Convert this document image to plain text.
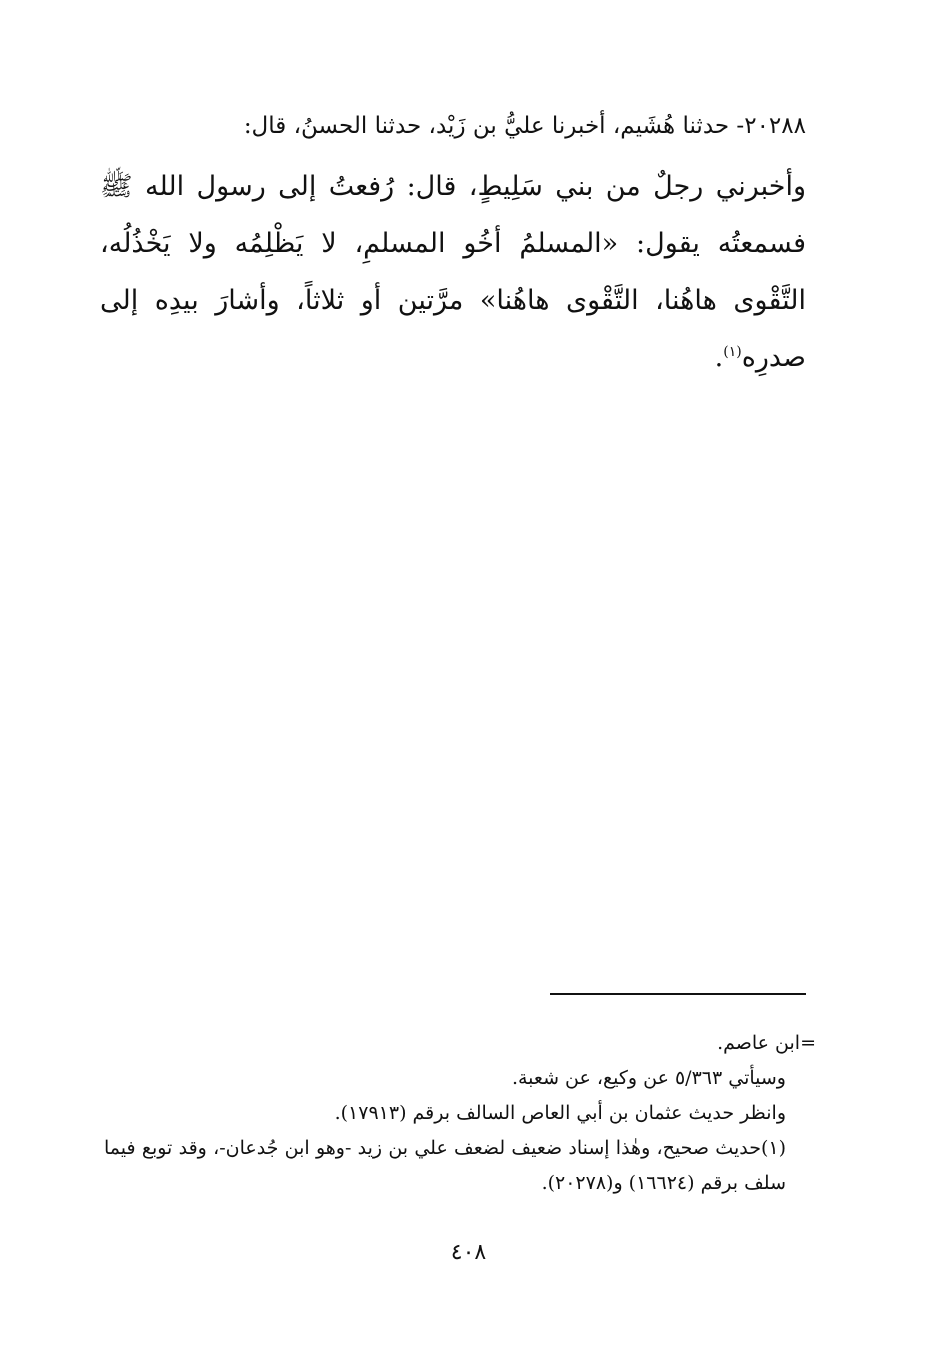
٢٠٢٨٨- حدثنا هُشَيم، أخبرنا عليُّ بن زَيْد، حدثنا الحسنُ، قال:

وأخبرني رجلٌ من بني سَلِيطٍ، قال: رُفعتُ إلى رسول الله ﷺ فسمعتُه يقول: «المسلمُ أخُو المسلمِ، لا يَظْلِمُه ولا يَخْذُلُه، التَّقْوى هاهُنا، التَّقْوى هاهُنا» مرَّتين أو ثلاثاً، وأشارَ بيدِه إلى صدرِه$^{(١)}$.

=ابن عاصم.

وسيأتي ٥/٣٦٣ عن وكيع، عن شعبة.

وانظر حديث عثمان بن أبي العاص السالف برقم (١٧٩١٣).

(١)حديث صحيح، وهٰذا إسناد ضعيف لضعف علي بن زيد -وهو ابن جُدعان-، وقد توبع فيما سلف برقم (١٦٦٢٤) و(٢٠٢٧٨).

٤٠٨
